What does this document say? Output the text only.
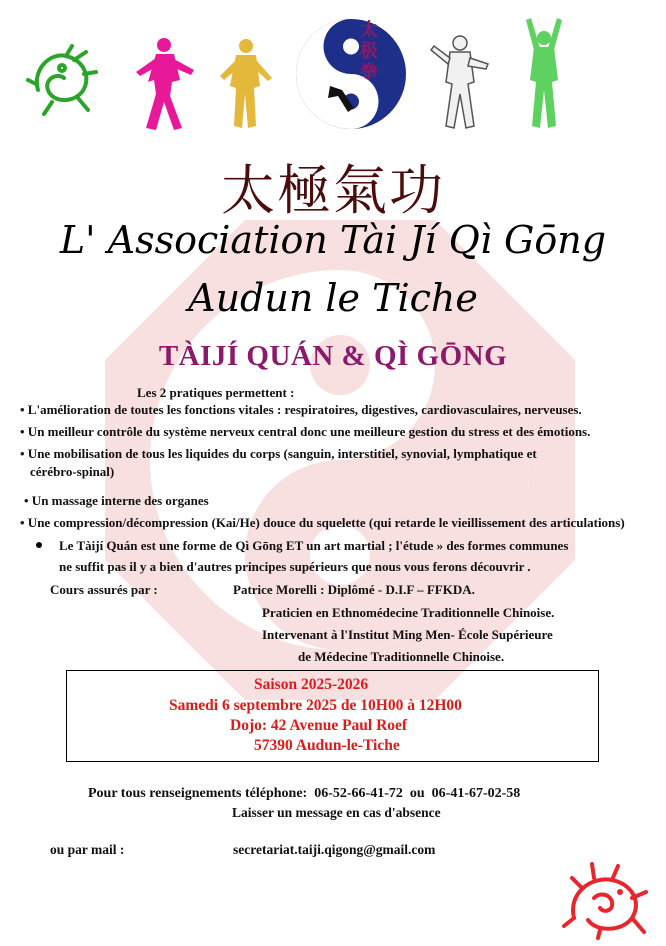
太极拳
太極氣功
L' Association Tài Jí Qì Gōng
Audun le Tiche
TÀIJÍ QUÁN & QÌ GŌNG
Les 2 pratiques permettent :
• L'amélioration de toutes les fonctions vitales : respiratoires, digestives, cardiovasculaires, nerveuses.
• Un meilleur contrôle du système nerveux central donc une meilleure gestion du stress et des émotions.
• Une mobilisation de tous les liquides du corps (sanguin, interstitiel, synovial, lymphatique et
cérébro-spinal)
• Un massage interne des organes
• Une compression/décompression (Kai/He) douce du squelette (qui retarde le vieillissement des articulations)
Le Tàijí Quán est une forme de Qì Gōng ET un art martial ; l'étude » des formes communes
ne suffit pas il y a bien d'autres principes supérieurs que nous vous ferons découvrir .
Cours assurés par :	Patrice Morelli : Diplômé - D.I.F – FFKDA.
Praticien en Ethnomédecine Traditionnelle Chinoise.
Intervenant à l'Institut Ming Men- École Supérieure
de Médecine Traditionnelle Chinoise.
Saison 2025-2026
Samedi 6 septembre 2025 de 10H00 à 12H00
Dojo: 42 Avenue Paul Roef
57390 Audun-le-Tiche
Pour tous renseignements téléphone: 06-52-66-41-72 ou 06-41-67-02-58
Laisser un message en cas d'absence
ou par mail :	secretariat.taiji.qigong@gmail.com
